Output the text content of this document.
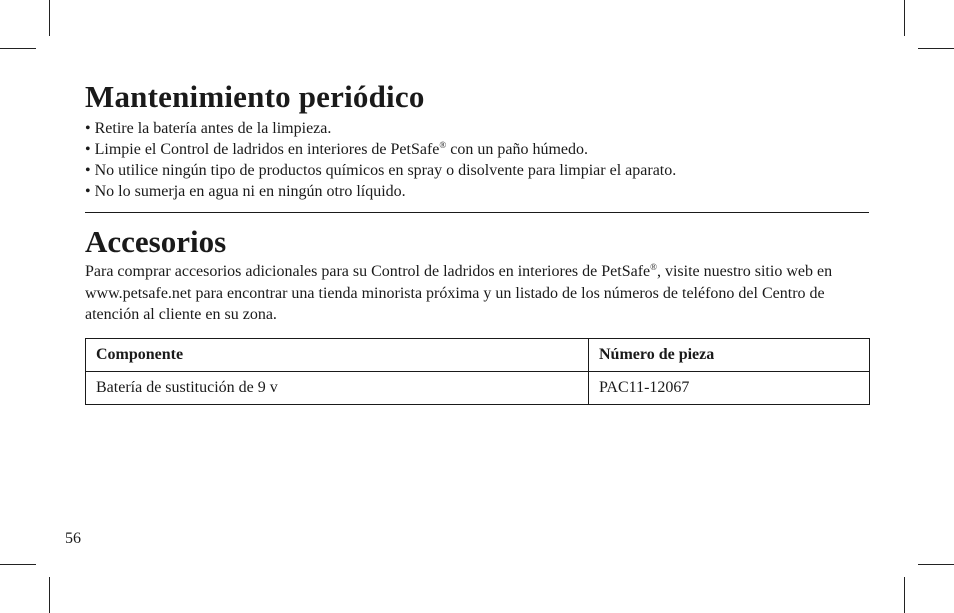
Mantenimiento periódico
• Retire la batería antes de la limpieza.
• Limpie el Control de ladridos en interiores de PetSafe® con un paño húmedo.
• No utilice ningún tipo de productos químicos en spray o disolvente para limpiar el aparato.
• No lo sumerja en agua ni en ningún otro líquido.
Accesorios

Para comprar accesorios adicionales para su Control de ladridos en interiores de PetSafe®, visite nuestro sitio web en www.petsafe.net para encontrar una tienda minorista próxima y un listado de los números de teléfono del Centro de atención al cliente en su zona.

Componente	Número de pieza
Batería de sustitución de 9 v	PAC11-12067
56
